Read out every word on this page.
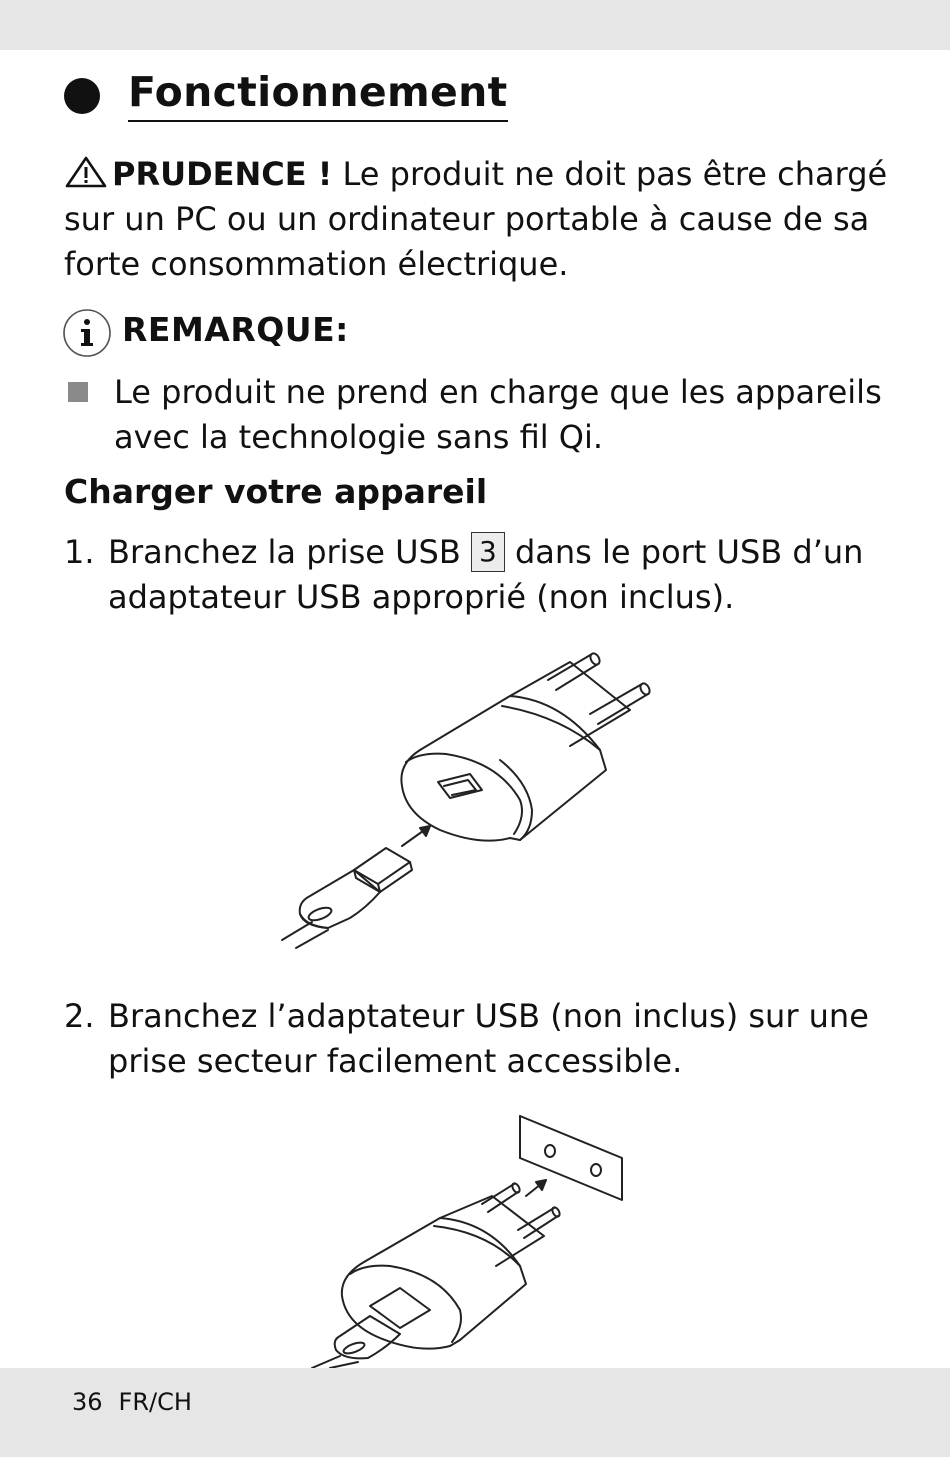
Fonctionnement
PRUDENCE ! Le produit ne doit pas être chargé sur un PC ou un ordinateur portable à cause de sa forte consommation électrique.
REMARQUE:
Le produit ne prend en charge que les appareils avec la technologie sans fil Qi.
Charger votre appareil
1. Branchez la prise USB 3 dans le port USB d’un adaptateur USB approprié (non inclus).
2. Branchez l’adaptateur USB (non inclus) sur une prise secteur facilement accessible.
36 FR/CH
